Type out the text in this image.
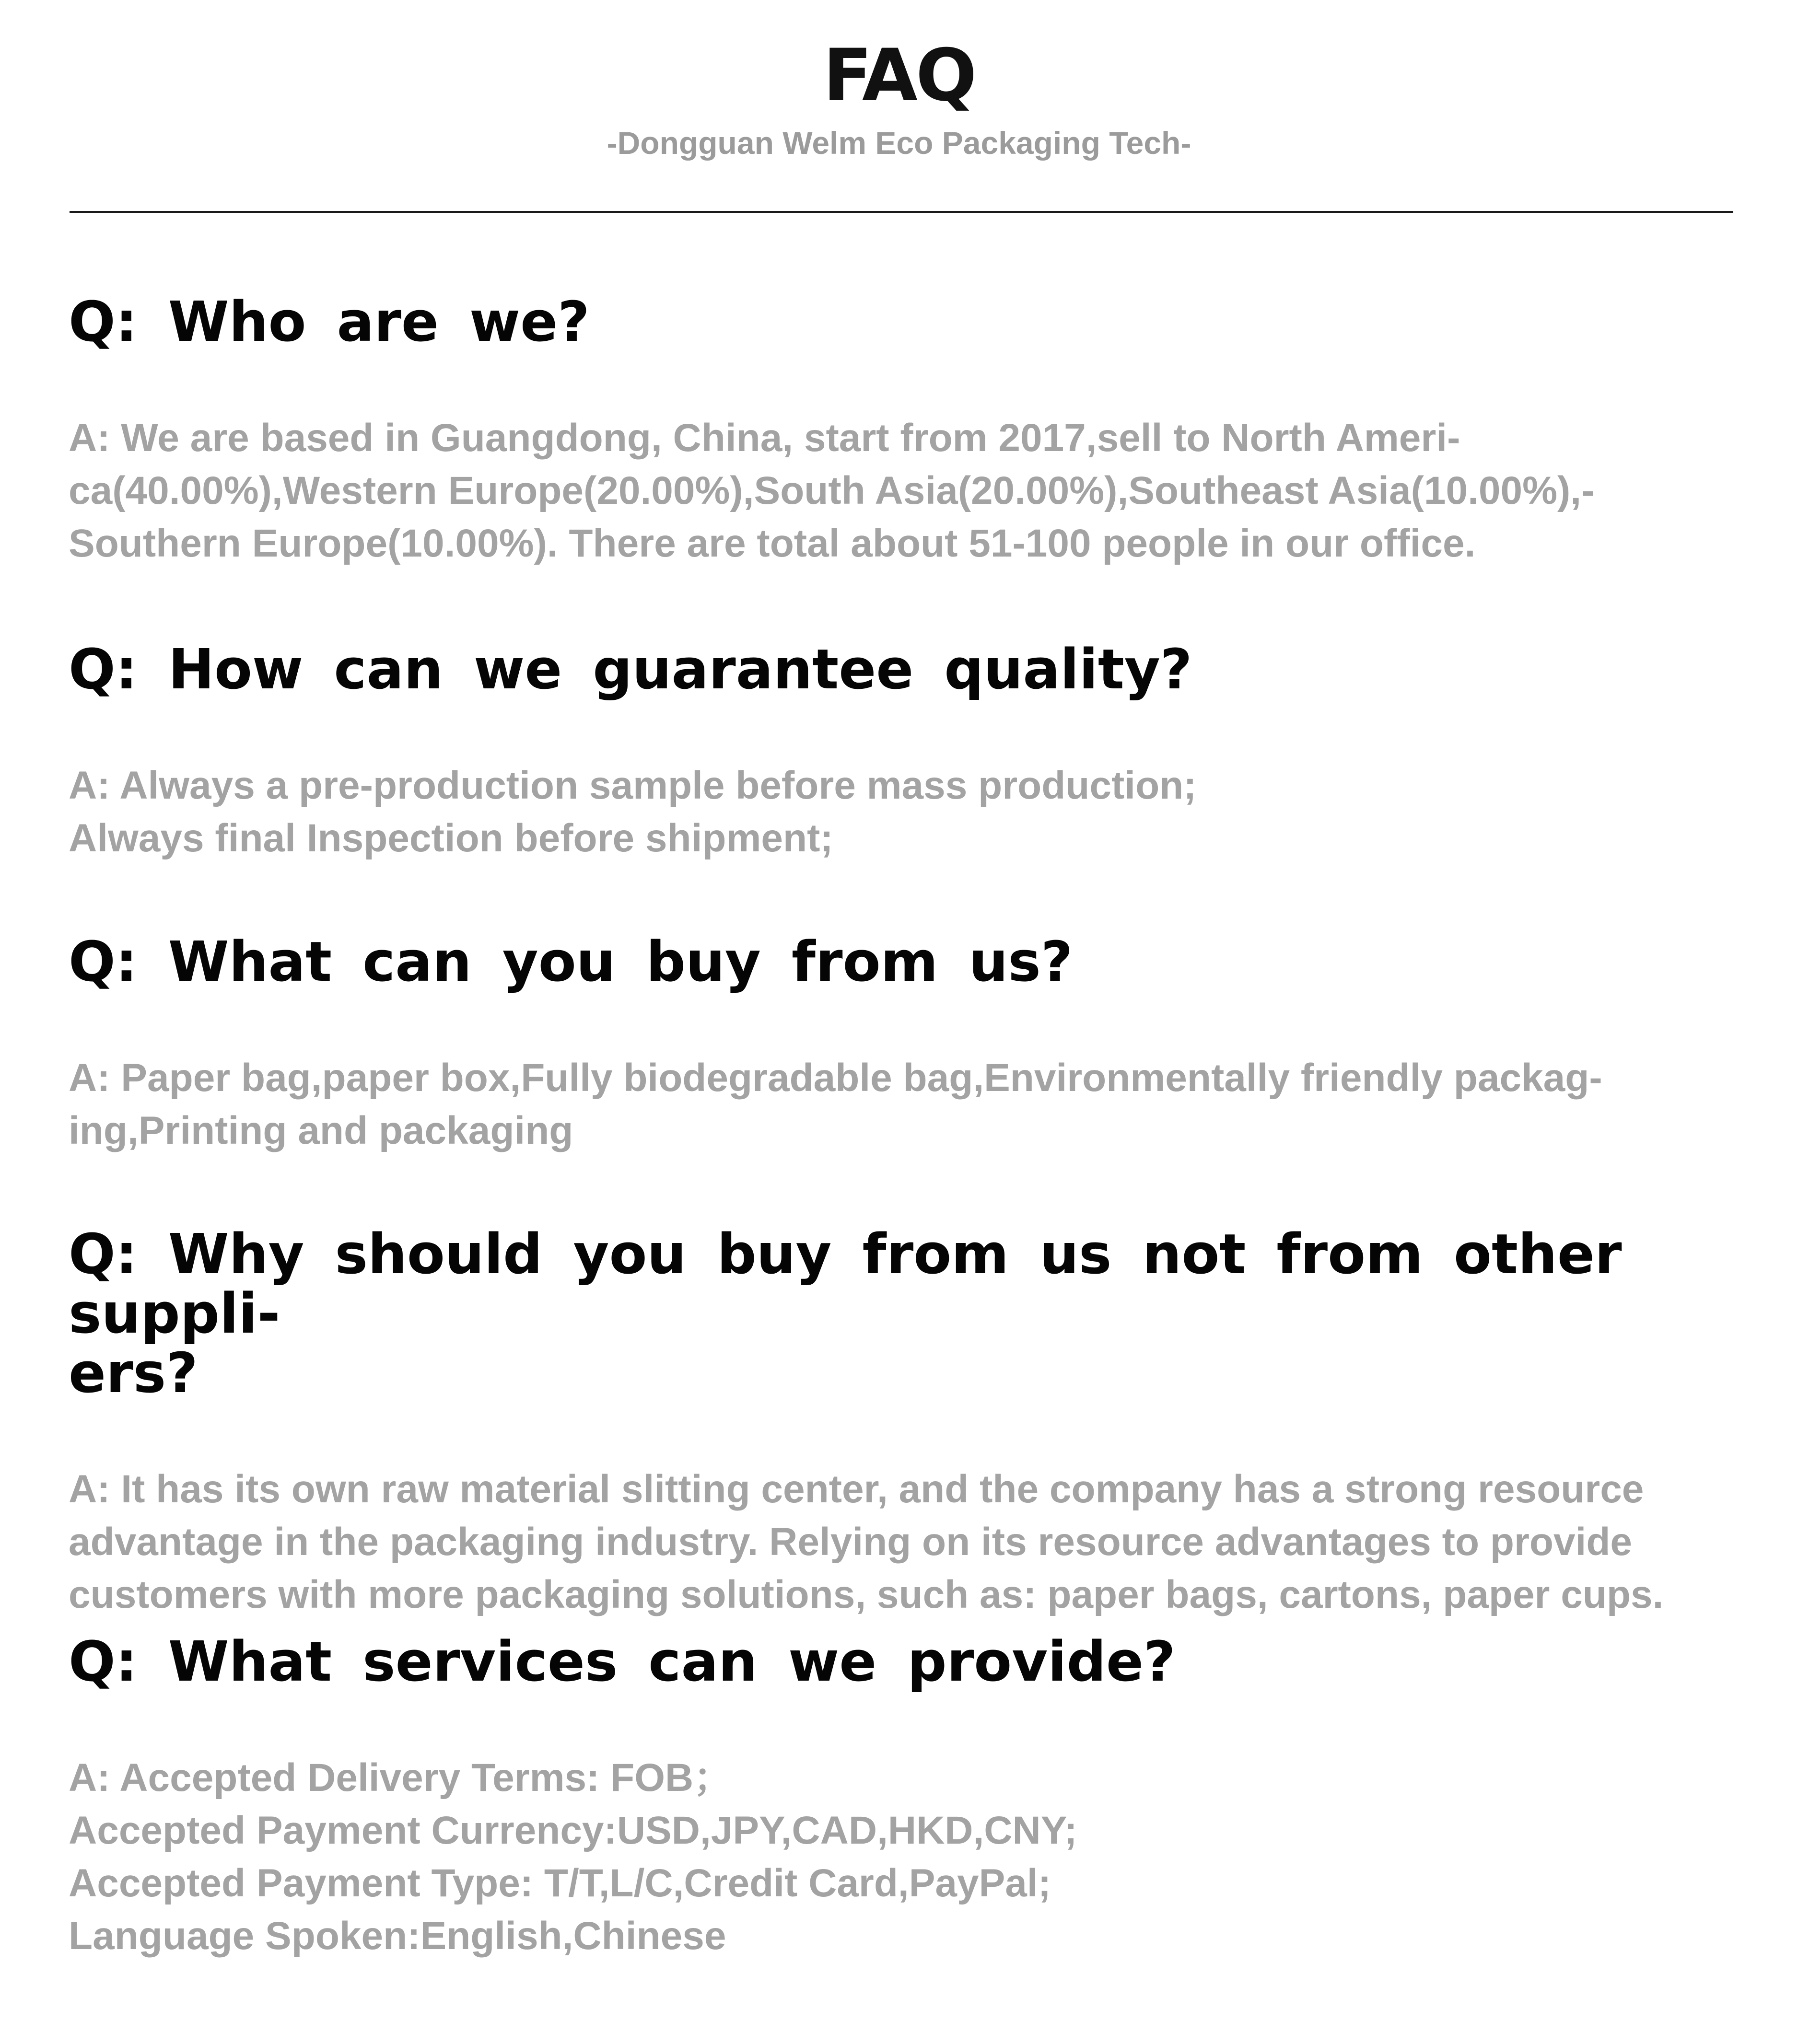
FAQ

-Dongguan Welm Eco Packaging Tech-

Q: Who are we?

A: We are based in Guangdong, China, start from 2017,sell to North Ameri-
ca(40.00%),Western Europe(20.00%),South Asia(20.00%),Southeast Asia(10.00%),-
Southern Europe(10.00%). There are total about 51-100 people in our office.

Q: How can we guarantee quality?

A: Always a pre-production sample before mass production;
Always final Inspection before shipment;

Q: What can you buy from us?

A: Paper bag,paper box,Fully biodegradable bag,Environmentally friendly packag-
ing,Printing and packaging

Q: Why should you buy from us not from other suppli-
ers?

A: It has its own raw material slitting center, and the company has a strong resource
advantage in the packaging industry. Relying on its resource advantages to provide
customers with more packaging solutions, such as: paper bags, cartons, paper cups.

Q: What services can we provide?

A: Accepted Delivery Terms: FOB；
Accepted Payment Currency:USD,JPY,CAD,HKD,CNY;
Accepted Payment Type: T/T,L/C,Credit Card,PayPal;
Language Spoken:English,Chinese
